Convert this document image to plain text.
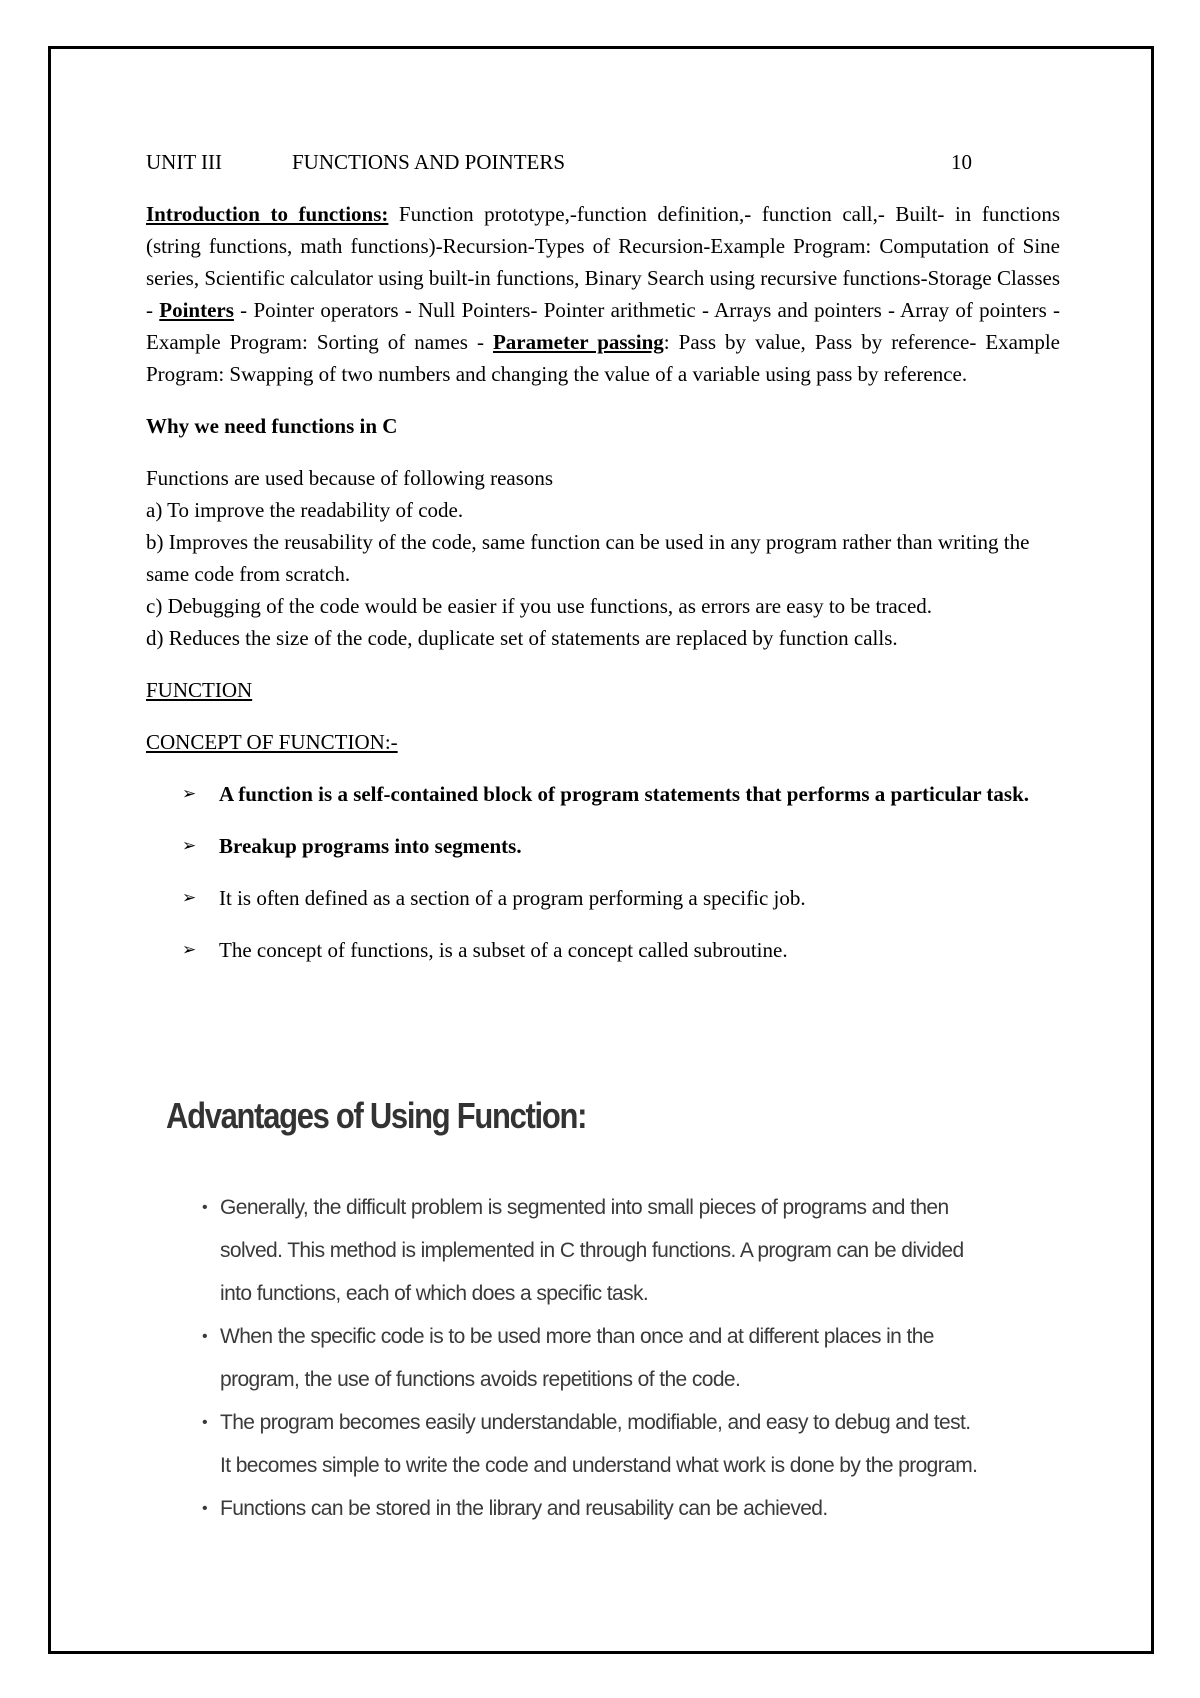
UNIT III	FUNCTIONS AND POINTERS	10

Introduction to functions: Function prototype,-function definition,- function call,- Built- in functions (string functions, math functions)-Recursion-Types of Recursion-Example Program: Computation of Sine series, Scientific calculator using built-in functions, Binary Search using recursive functions-Storage Classes - Pointers - Pointer operators - Null Pointers- Pointer arithmetic - Arrays and pointers - Array of pointers - Example Program: Sorting of names - Parameter passing: Pass by value, Pass by reference- Example Program: Swapping of two numbers and changing the value of a variable using pass by reference.

Why we need functions in C
Functions are used because of following reasons
a) To improve the readability of code.
b) Improves the reusability of the code, same function can be used in any program rather than writing the same code from scratch.
c) Debugging of the code would be easier if you use functions, as errors are easy to be traced.
d) Reduces the size of the code, duplicate set of statements are replaced by function calls.
FUNCTION
CONCEPT OF FUNCTION:-
➢ A function is a self-contained block of program statements that performs a particular task.
➢ Breakup programs into segments.
➢ It is often defined as a section of a program performing a specific job.
➢ The concept of functions, is a subset of a concept called subroutine.
Advantages of Using Function:
• Generally, the difficult problem is segmented into small pieces of programs and then solved. This method is implemented in C through functions. A program can be divided into functions, each of which does a specific task.
• When the specific code is to be used more than once and at different places in the program, the use of functions avoids repetitions of the code.
• The program becomes easily understandable, modifiable, and easy to debug and test. It becomes simple to write the code and understand what work is done by the program.
• Functions can be stored in the library and reusability can be achieved.
